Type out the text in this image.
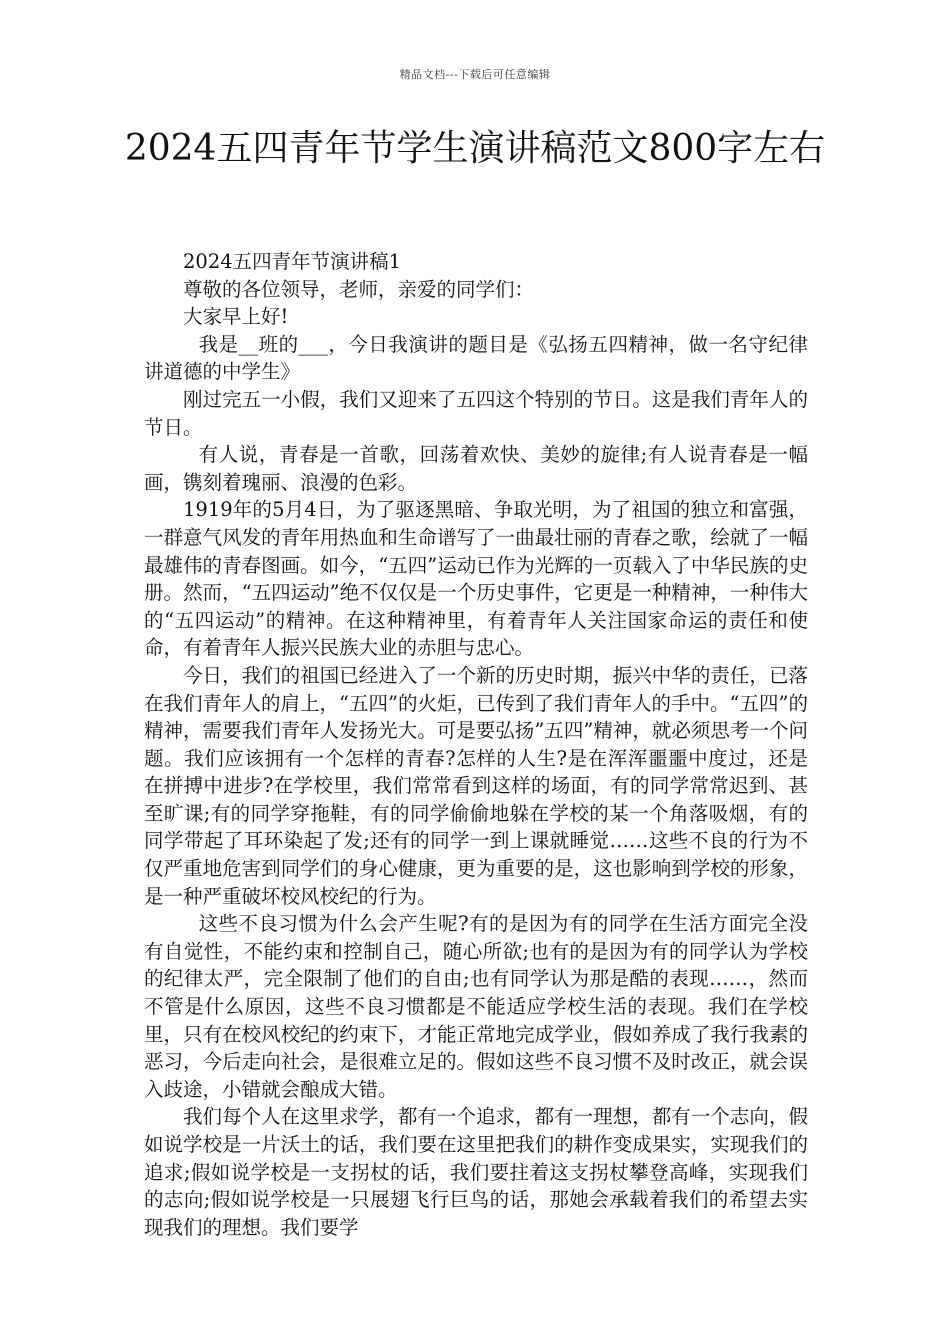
精品文档---下载后可任意编辑
2024五四青年节学生演讲稿范文800字左右

2024五四青年节演讲稿1

尊敬的各位领导，老师，亲爱的同学们：

大家早上好!

我是__班的___，今日我演讲的题目是《弘扬五四精神，做一名守纪律讲道德的中学生》

刚过完五一小假，我们又迎来了五四这个特别的节日。这是我们青年人的节日。

有人说，青春是一首歌，回荡着欢快、美妙的旋律;有人说青春是一幅画，镌刻着瑰丽、浪漫的色彩。

1919年的5月4日，为了驱逐黑暗、争取光明，为了祖国的独立和富强，一群意气风发的青年用热血和生命谱写了一曲最壮丽的青春之歌，绘就了一幅最雄伟的青春图画。如今，“五四”运动已作为光辉的一页载入了中华民族的史册。然而，“五四运动”绝不仅仅是一个历史事件，它更是一种精神，一种伟大的“五四运动”的精神。在这种精神里，有着青年人关注国家命运的责任和使命，有着青年人振兴民族大业的赤胆与忠心。

今日，我们的祖国已经进入了一个新的历史时期，振兴中华的责任，已落在我们青年人的肩上，“五四”的火炬，已传到了我们青年人的手中。“五四”的精神，需要我们青年人发扬光大。可是要弘扬”五四”精神，就必须思考一个问题。我们应该拥有一个怎样的青春?怎样的人生?是在浑浑噩噩中度过，还是在拼搏中进步?在学校里，我们常常看到这样的场面，有的同学常常迟到、甚至旷课;有的同学穿拖鞋，有的同学偷偷地躲在学校的某一个角落吸烟，有的同学带起了耳环染起了发;还有的同学一到上课就睡觉……这些不良的行为不仅严重地危害到同学们的身心健康，更为重要的是，这也影响到学校的形象，是一种严重破坏校风校纪的行为。

这些不良习惯为什么会产生呢?有的是因为有的同学在生活方面完全没有自觉性，不能约束和控制自己，随心所欲;也有的是因为有的同学认为学校的纪律太严，完全限制了他们的自由;也有同学认为那是酷的表现……，然而不管是什么原因，这些不良习惯都是不能适应学校生活的表现。我们在学校里，只有在校风校纪的约束下，才能正常地完成学业，假如养成了我行我素的恶习，今后走向社会，是很难立足的。假如这些不良习惯不及时改正，就会误入歧途，小错就会酿成大错。

我们每个人在这里求学，都有一个追求，都有一理想，都有一个志向，假如说学校是一片沃土的话，我们要在这里把我们的耕作变成果实，实现我们的追求;假如说学校是一支拐杖的话，我们要拄着这支拐杖攀登高峰，实现我们的志向;假如说学校是一只展翅飞行巨鸟的话，那她会承载着我们的希望去实现我们的理想。我们要学
